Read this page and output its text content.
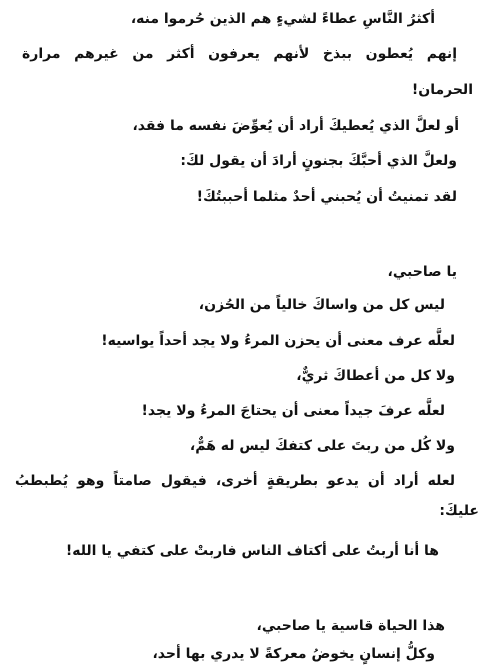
أكثرُ النَّاسِ عطاءً لشيءٍ هم الذين حُرموا منه،
إنهم يُعطون ببذخ لأنهم يعرفون أكثر من غيرهم مرارة
الحرمان!
أو لعلَّ الذي يُعطيكَ أراد أن يُعوِّضَ نفسه ما فقد،
ولعلَّ الذي أحبَّكَ بجنونٍ أرادَ أن يقول لكَ:
لقد تمنيتُ أن يُحبني أحدٌ مثلما أحببتُكَ!
يا صاحبي،
ليس كل من واساكَ خالياً من الحُزن،
لعلَّه عرف معنى أن يحزن المرءُ ولا يجد أحداً يواسيه!
ولا كل من أعطاكَ ثريٌّ،
لعلَّه عرفَ جيداً معنى أن يحتاجَ المرءُ ولا يجد!
ولا كُل من ربتَ على كتفكَ ليس له هَمٌّ،
لعله أراد أن يدعو بطريقةٍ أخرى، فيقول صامتاً وهو يُطبطبُ
عليكَ:
ها أنا أربتُ على أكتاف الناس فاربتْ على كتفي يا الله!
هذا الحياة قاسية يا صاحبي،
وكلُّ إنسانٍ يخوضُ معركةً لا يدري بها أحد،
